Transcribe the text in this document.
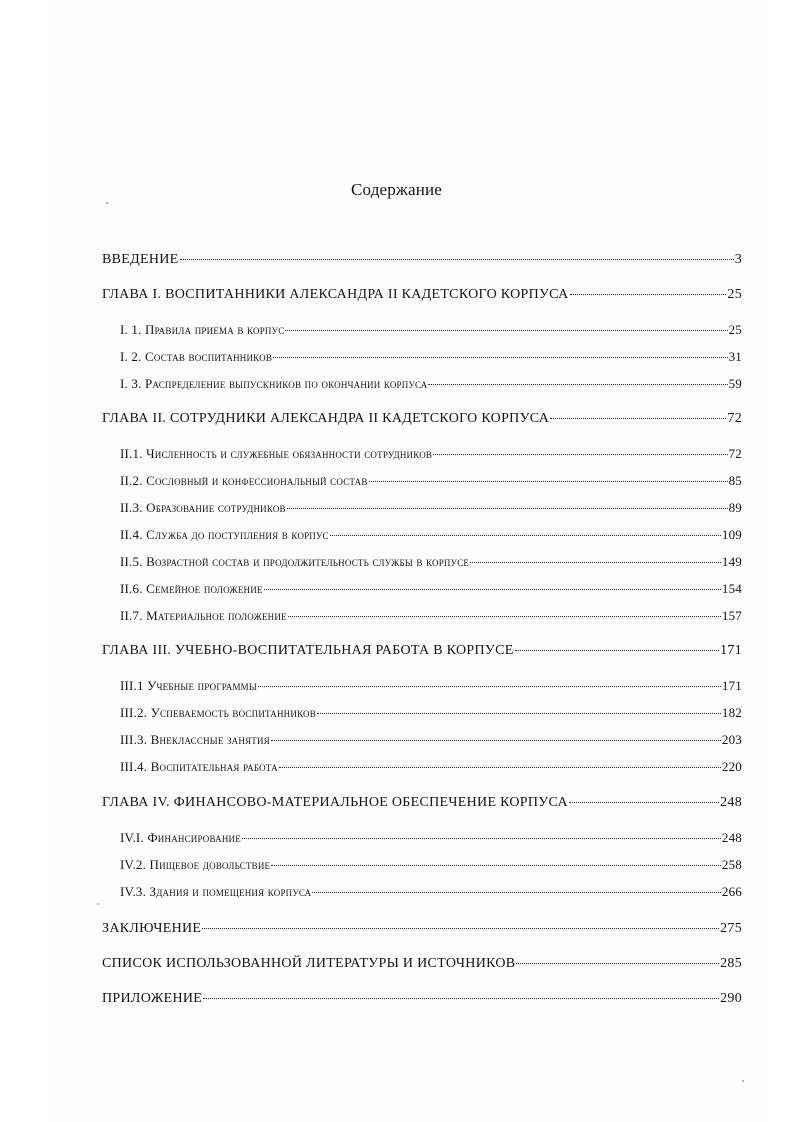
Содержание
ВВЕДЕНИЕ	3
ГЛАВА I. ВОСПИТАННИКИ АЛЕКСАНДРА II КАДЕТСКОГО КОРПУСА	25
I. 1. Правила приема в корпус	25
I. 2. Состав воспитанников	31
I. 3. Распределение выпускников по окончании корпуса	59
ГЛАВА II. СОТРУДНИКИ АЛЕКСАНДРА II КАДЕТСКОГО КОРПУСА	72
II.1. Численность и служебные обязанности сотрудников	72
II.2. Сословный и конфессиональный состав	85
II.3. Образование сотрудников	89
II.4. Служба до поступления в корпус	109
II.5. Возрастной состав и продолжительность службы в корпусе	149
II.6. Семейное положение	154
II.7. Материальное положение	157
ГЛАВА III. УЧЕБНО-ВОСПИТАТЕЛЬНАЯ РАБОТА В КОРПУСЕ	171
III.1 Учебные программы	171
III.2. Успеваемость воспитанников	182
III.3. Внеклассные занятия	203
III.4. Воспитательная работа	220
ГЛАВА IV. ФИНАНСОВО-МАТЕРИАЛЬНОЕ ОБЕСПЕЧЕНИЕ КОРПУСА	248
IV.I. Финансирование	248
IV.2. Пищевое довольствие	258
IV.3. Здания и помещения корпуса	266
ЗАКЛЮЧЕНИЕ	275
СПИСОК ИСПОЛЬЗОВАННОЙ ЛИТЕРАТУРЫ И ИСТОЧНИКОВ	285
ПРИЛОЖЕНИЕ	290
